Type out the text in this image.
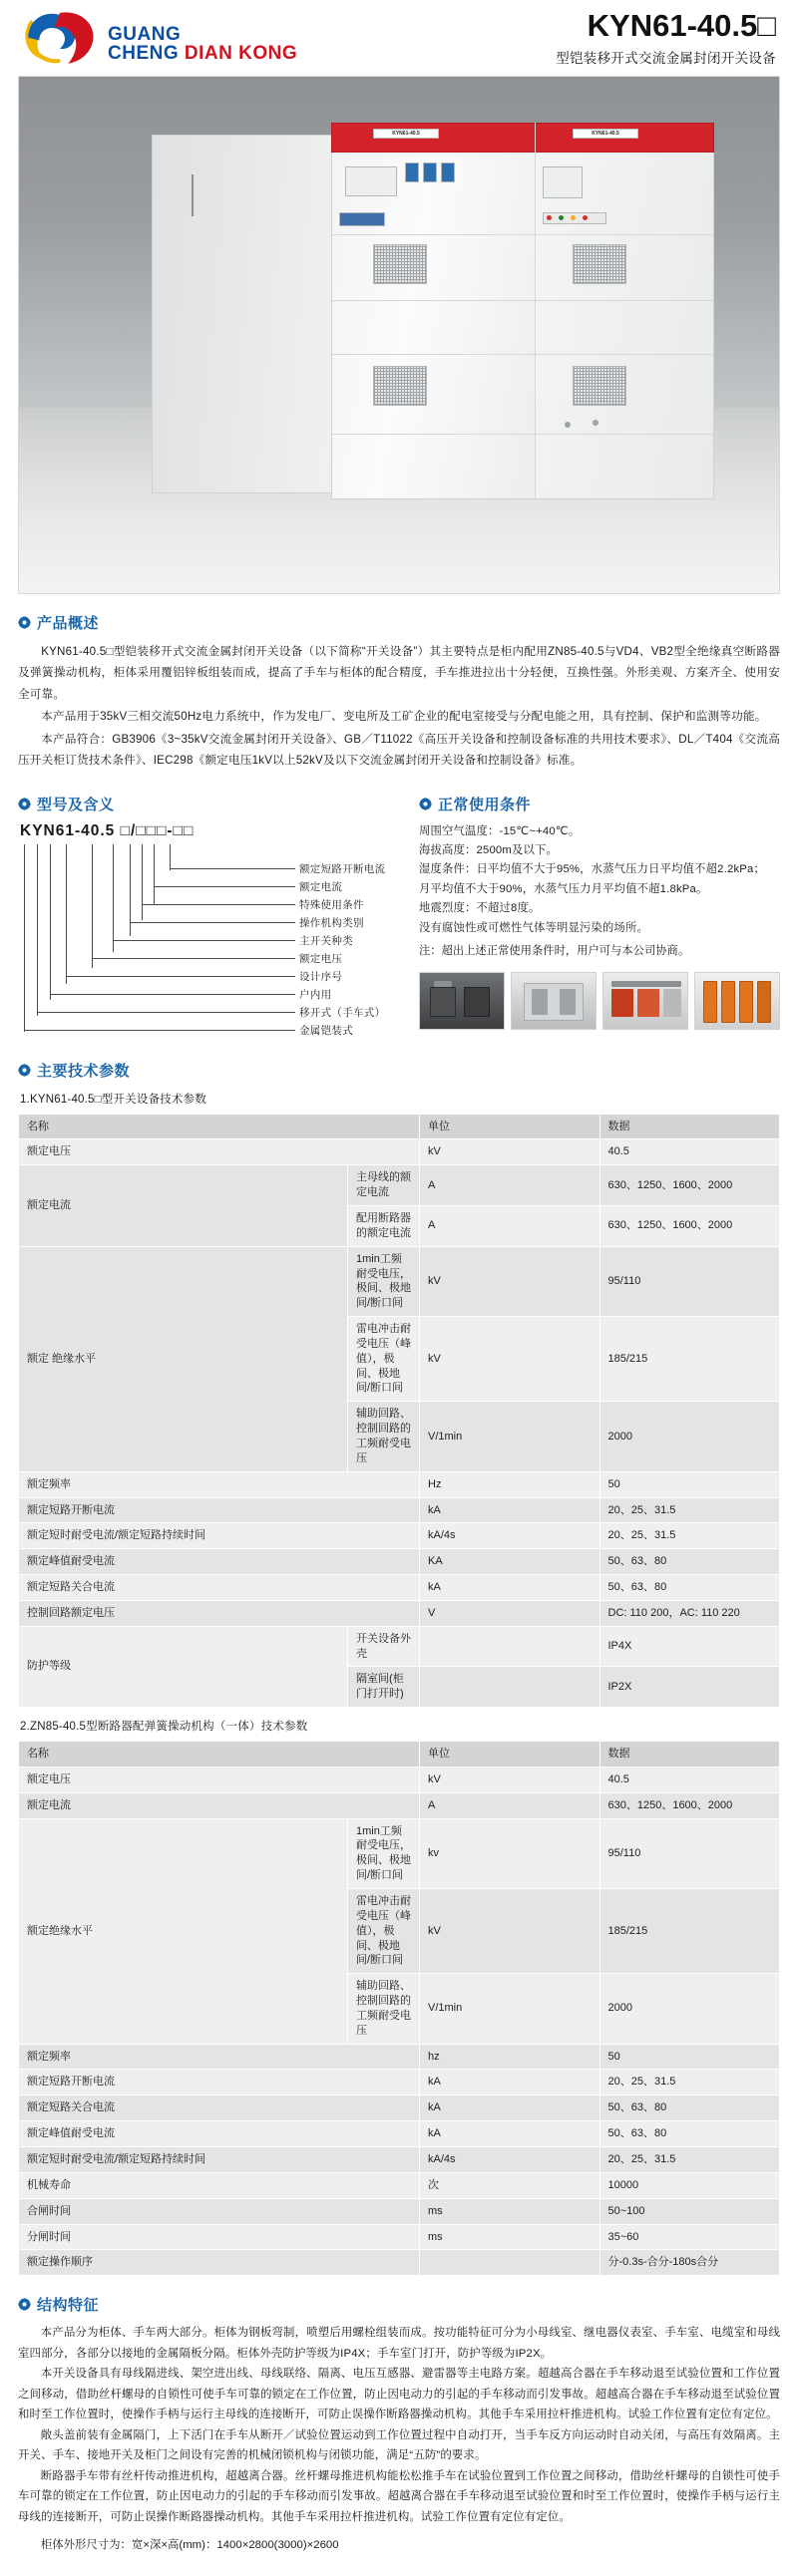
GUANG
CHENG DIAN KONG
KYN61-40.5□
型铠装移开式交流金属封闭开关设备
KYN61-40.5	KYN61-40.5
产品概述

KYN61-40.5□型铠装移开式交流金属封闭开关设备（以下简称“开关设备”）其主要特点是柜内配用ZN85-40.5与VD4、VB2型全绝缘真空断路器及弹簧操动机构，柜体采用覆铝锌板组装而成，提高了手车与柜体的配合精度，手车推进拉出十分轻便，互换性强。外形美观、方案齐全、使用安全可靠。

本产品用于35kV三相交流50Hz电力系统中，作为发电厂、变电所及工矿企业的配电室接受与分配电能之用，具有控制、保护和监测等功能。

本产品符合：GB3906《3~35kV交流金属封闭开关设备》、GB／T11022《高压开关设备和控制设备标准的共用技术要求》、DL／T404《交流高压开关柜订货技术条件》、IEC298《额定电压1kV以上52kV及以下交流金属封闭开关设备和控制设备》标准。

型号及含义
KYN61-40.5 □/□□□-□□
额定短路开断电流
额定电流
特殊使用条件
操作机构类别
主开关种类
额定电压
设计序号
户内用
移开式（手车式）
金属铠装式
正常使用条件
周围空气温度：-15℃~+40℃。
海拔高度：2500m及以下。
湿度条件：日平均值不大于95%，水蒸气压力日平均值不超2.2kPa；　月平均值不大于90%，水蒸气压力月平均值不超1.8kPa。
地震烈度：不超过8度。
没有腐蚀性或可燃性气体等明显污染的场所。
注：超出上述正常使用条件时，用户可与本公司协商。
主要技术参数
1.KYN61-40.5□型开关设备技术参数
名称		单位	数据
额定电压		kV	40.5
额定电流	主母线的额定电流	A	630、1250、1600、2000
	配用断路器的额定电流	A	630、1250、1600、2000
额定 绝缘水平	1min工频耐受电压，极间、极地间/断口间	kV	95/110
	雷电冲击耐受电压（峰值），极间、极地间/断口间	kV	185/215
	辅助回路、控制回路的工频耐受电压	V/1min	2000
额定频率		Hz	50
额定短路开断电流		kA	20、25、31.5
额定短时耐受电流/额定短路持续时间		kA/4s	20、25、31.5
额定峰值耐受电流		KA	50、63、80
额定短路关合电流		kA	50、63、80
控制回路额定电压		V	DC: 110 200，AC: 110 220
防护等级	开关设备外壳		IP4X
	隔室间(柜门打开时)		IP2X
2.ZN85-40.5型断路器配弹簧操动机构（一体）技术参数
名称		单位	数据
额定电压		kV	40.5
额定电流		A	630、1250、1600、2000
额定绝缘水平	1min工频耐受电压，极间、极地间/断口间	kv	95/110
	雷电冲击耐受电压（峰值），极间、极地间/断口间	kV	185/215
	辅助回路、控制回路的工频耐受电压	V/1min	2000
额定频率		hz	50
额定短路开断电流		kA	20、25、31.5
额定短路关合电流		kA	50、63、80
额定峰值耐受电流		kA	50、63、80
额定短时耐受电流/额定短路持续时间		kA/4s	20、25、31.5
机械寿命		次	10000
合闸时间		ms	50~100
分闸时间		ms	35~60
额定操作顺序			分-0.3s-合分-180s合分
结构特征

本产品分为柜体、手车两大部分。柜体为钢板弯制，喷塑后用螺栓组装而成。按功能特征可分为小母线室、继电器仪表室、手车室、电缆室和母线室四部分，各部分以接地的金属隔板分隔。柜体外壳防护等级为IP4X；手车室门打开，防护等级为IP2X。

本开关设备具有母线隔进线、架空进出线、母线联络、隔离、电压互感器、避雷器等主电路方案。超越高合器在手车移动退至试验位置和工作位置之间移动，借助丝杆螺母的自锁性可使手车可靠的锁定在工作位置，防止因电动力的引起的手车移动而引发事故。超越高合器在手车移动退至试验位置和时至工作位置时，使操作手柄与运行主母线的连接断开，可防止误操作断路器操动机构。其他手车采用拉杆推进机构。试验工作位置有定位有定位。

敞头盖前装有金属隔门，上下活门在手车从断开／试验位置运动到工作位置过程中自动打开，当手车反方向运动时自动关闭，与高压有效隔离。主开关、手车、接地开关及柜门之间设有完善的机械闭锁机构与闭锁功能，满足“五防”的要求。

断路器手车带有丝杆传动推进机构，超越离合器。丝杆螺母推进机构能松松推手车在试验位置到工作位置之间移动，借助丝杆螺母的自锁性可使手车可靠的锁定在工作位置，防止因电动力的引起的手车移动而引发事故。超越离合器在手车移动退至试验位置和时至工作位置时，使操作手柄与运行主母线的连接断开，可防止误操作断路器操动机构。其他手车采用拉杆推进机构。试验工作位置有定位有定位。

柜体外形尺寸为：宽×深×高(mm)：1400×2800(3000)×2600
